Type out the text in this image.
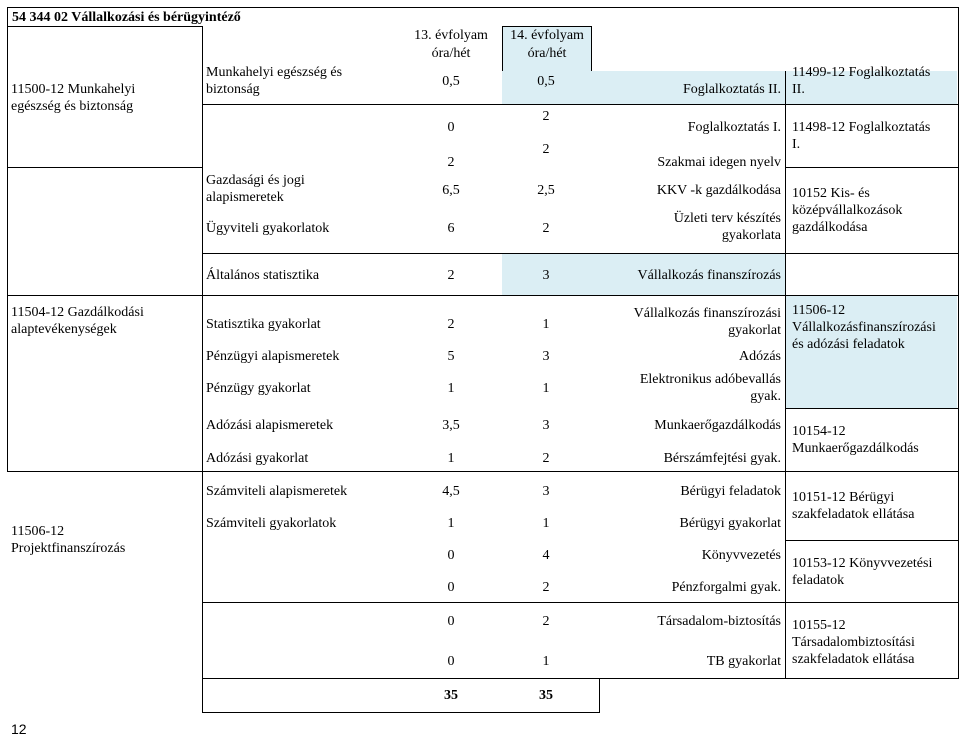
54 344 02 Vállalkozási és bérügyintéző
13. évfolyam
óra/hét
14. évfolyam
óra/hét
11500-12 Munkahelyi
egészség és biztonság
11504-12 Gazdálkodási
alaptevékenységek
11506-12
Projektfinanszírozás
Munkahelyi egészség és
biztonság
Gazdasági és jogi
alapismeretek
Ügyviteli gyakorlatok
Általános statisztika
Statisztika gyakorlat
Pénzügyi alapismeretek
Pénzügy gyakorlat
Adózási alapismeretek
Adózási gyakorlat
Számviteli alapismeretek
Számviteli gyakorlatok
0,5
0
2
6,5
6
2
2
5
1
3,5
1
4,5
1
0
0
0
0
35
0,5
2
2
2,5
2
3
1
3
1
3
2
3
1
4
2
2
1
35
Foglalkoztatás II.
Foglalkoztatás I.
Szakmai idegen nyelv
KKV -k gazdálkodása
Üzleti terv készítés
gyakorlata
Vállalkozás finanszírozás
Vállalkozás finanszírozási
gyakorlat
Adózás
Elektronikus adóbevallás
gyak.
Munkaerőgazdálkodás
Bérszámfejtési gyak.
Bérügyi feladatok
Bérügyi gyakorlat
Könyvvezetés
Pénzforgalmi gyak.
Társadalom-biztosítás
TB gyakorlat
11499-12 Foglalkoztatás
II.
11498-12 Foglalkoztatás
I.
10152 Kis- és
középvállalkozások
gazdálkodása
11506-12
Vállalkozásfinanszírozási
és adózási feladatok
10154-12
Munkaerőgazdálkodás
10151-12 Bérügyi
szakfeladatok ellátása
10153-12 Könyvvezetési
feladatok
10155-12
Társadalombiztosítási
szakfeladatok ellátása
12
